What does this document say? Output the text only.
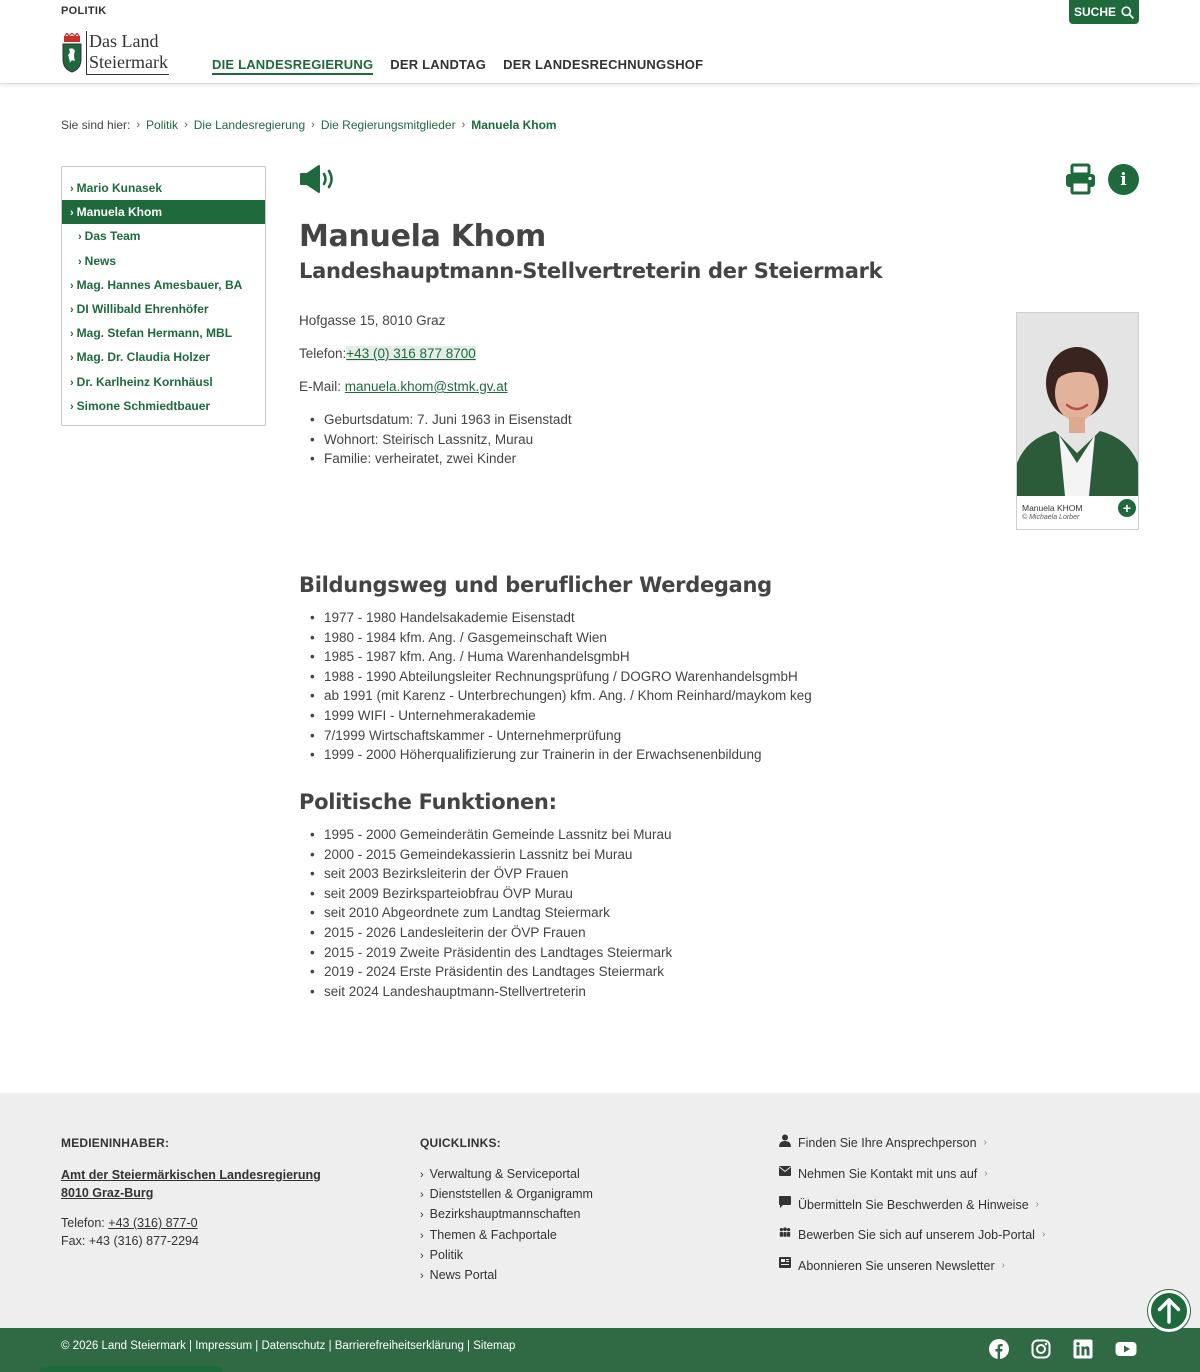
POLITIK	SUCHE
Das Land
Steiermark	DIE LANDESREGIERUNG DER LANDTAG DER LANDESRECHNUNGSHOF
Sie sind hier: › Politik › Die Landesregierung › Die Regierungsmitglieder › Manuela Khom
› Mario Kunasek
› Manuela Khom
› Das Team
› News
› Mag. Hannes Amesbauer, BA
› DI Willibald Ehrenhöfer
› Mag. Stefan Hermann, MBL
› Mag. Dr. Claudia Holzer
› Dr. Karlheinz Kornhäusl
› Simone Schmiedtbauer
i
Manuela Khom
Landeshauptmann-Stellvertreterin der Steiermark
Hofgasse 15, 8010 Graz
Telefon:+43 (0) 316 877 8700
E-Mail: manuela.khom@stmk.gv.at
• Geburtsdatum: 7. Juni 1963 in Eisenstadt
• Wohnort: Steirisch Lassnitz, Murau
• Familie: verheiratet, zwei Kinder
Manuela KHOM
© Michaela Lorber
+
Bildungsweg und beruflicher Werdegang
• 1977 - 1980 Handelsakademie Eisenstadt
• 1980 - 1984 kfm. Ang. / Gasgemeinschaft Wien
• 1985 - 1987 kfm. Ang. / Huma WarenhandelsgmbH
• 1988 - 1990 Abteilungsleiter Rechnungsprüfung / DOGRO WarenhandelsgmbH
• ab 1991 (mit Karenz - Unterbrechungen) kfm. Ang. / Khom Reinhard/maykom keg
• 1999 WIFI - Unternehmerakademie
• 7/1999 Wirtschaftskammer - Unternehmerprüfung
• 1999 - 2000 Höherqualifizierung zur Trainerin in der Erwachsenenbildung
Politische Funktionen:
• 1995 - 2000 Gemeinderätin Gemeinde Lassnitz bei Murau
• 2000 - 2015 Gemeindekassierin Lassnitz bei Murau
• seit 2003 Bezirksleiterin der ÖVP Frauen
• seit 2009 Bezirksparteiobfrau ÖVP Murau
• seit 2010 Abgeordnete zum Landtag Steiermark
• 2015 - 2026 Landesleiterin der ÖVP Frauen
• 2015 - 2019 Zweite Präsidentin des Landtages Steiermark
• 2019 - 2024 Erste Präsidentin des Landtages Steiermark
• seit 2024 Landeshauptmann-Stellvertreterin
MEDIENINHABER:
Amt der Steiermärkischen Landesregierung
8010 Graz-Burg
Telefon: +43 (316) 877-0
Fax: +43 (316) 877-2294
QUICKLINKS:
› Verwaltung & Serviceportal
› Dienststellen & Organigramm
› Bezirkshauptmannschaften
› Themen & Fachportale
› Politik
› News Portal
Finden Sie Ihre Ansprechperson ›
Nehmen Sie Kontakt mit uns auf ›
Übermitteln Sie Beschwerden & Hinweise ›
Bewerben Sie sich auf unserem Job-Portal ›
Abonnieren Sie unseren Newsletter ›
© 2026 Land Steiermark | Impressum | Datenschutz | Barrierefreiheitserklärung | Sitemap
